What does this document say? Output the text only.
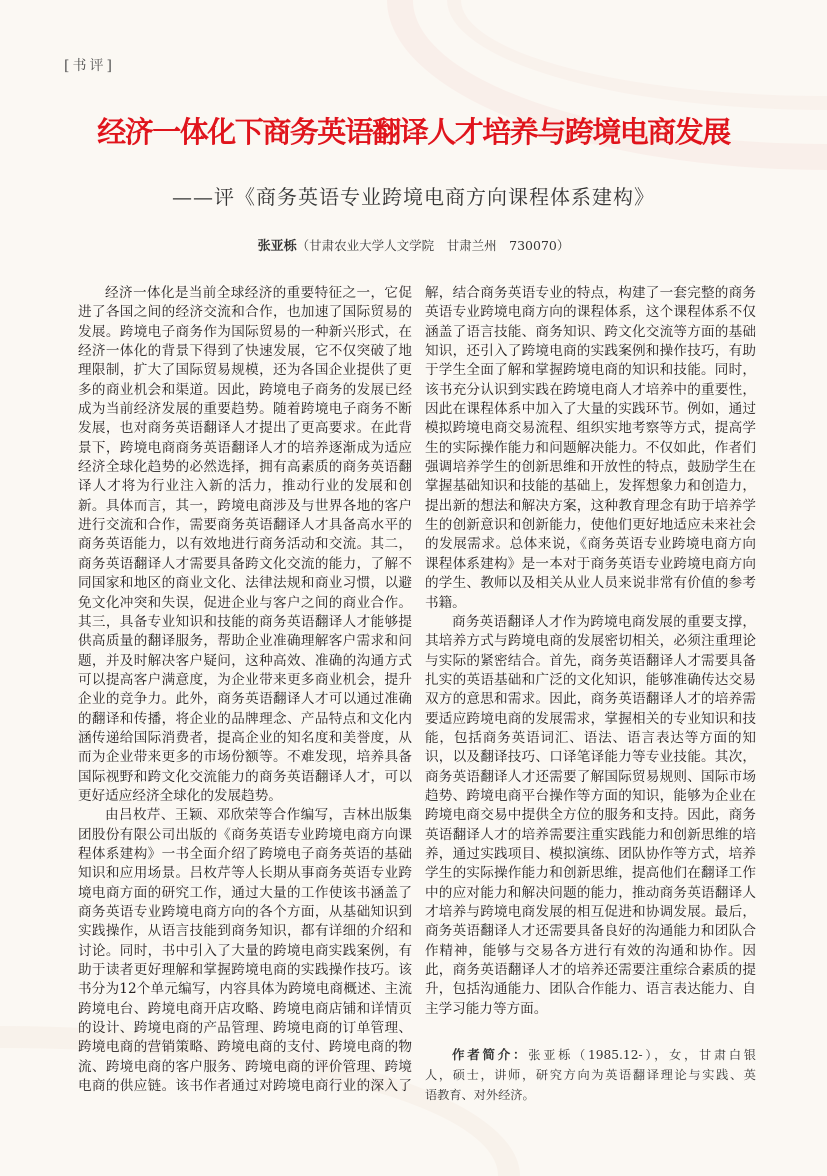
[书评]
经济一体化下商务英语翻译人才培养与跨境电商发展
——评《商务英语专业跨境电商方向课程体系建构》
张亚栎（甘肃农业大学人文学院　甘肃兰州　730070）
经济一体化是当前全球经济的重要特征之一，它促
进了各国之间的经济交流和合作，也加速了国际贸易的
发展。跨境电子商务作为国际贸易的一种新兴形式，在
经济一体化的背景下得到了快速发展，它不仅突破了地
理限制，扩大了国际贸易规模，还为各国企业提供了更
多的商业机会和渠道。因此，跨境电子商务的发展已经
成为当前经济发展的重要趋势。随着跨境电子商务不断
发展，也对商务英语翻译人才提出了更高要求。在此背
景下，跨境电商商务英语翻译人才的培养逐渐成为适应
经济全球化趋势的必然选择，拥有高素质的商务英语翻
译人才将为行业注入新的活力，推动行业的发展和创
新。具体而言，其一，跨境电商涉及与世界各地的客户
进行交流和合作，需要商务英语翻译人才具备高水平的
商务英语能力，以有效地进行商务活动和交流。其二，
商务英语翻译人才需要具备跨文化交流的能力，了解不
同国家和地区的商业文化、法律法规和商业习惯，以避
免文化冲突和失误，促进企业与客户之间的商业合作。
其三，具备专业知识和技能的商务英语翻译人才能够提
供高质量的翻译服务，帮助企业准确理解客户需求和问
题，并及时解决客户疑问，这种高效、准确的沟通方式
可以提高客户满意度，为企业带来更多商业机会，提升
企业的竞争力。此外，商务英语翻译人才可以通过准确
的翻译和传播，将企业的品牌理念、产品特点和文化内
涵传递给国际消费者，提高企业的知名度和美誉度，从
而为企业带来更多的市场份额等。不难发现，培养具备
国际视野和跨文化交流能力的商务英语翻译人才，可以
更好适应经济全球化的发展趋势。
由吕枚芹、王颖、邓欣荣等合作编写，吉林出版集
团股份有限公司出版的《商务英语专业跨境电商方向课
程体系建构》一书全面介绍了跨境电子商务英语的基础
知识和应用场景。吕枚芹等人长期从事商务英语专业跨
境电商方面的研究工作，通过大量的工作使该书涵盖了
商务英语专业跨境电商方向的各个方面，从基础知识到
实践操作，从语言技能到商务知识，都有详细的介绍和
讨论。同时，书中引入了大量的跨境电商实践案例，有
助于读者更好理解和掌握跨境电商的实践操作技巧。该
书分为12个单元编写，内容具体为跨境电商概述、主流
跨境电台、跨境电商开店攻略、跨境电商店铺和详情页
的设计、跨境电商的产品管理、跨境电商的订单管理、
跨境电商的营销策略、跨境电商的支付、跨境电商的物
流、跨境电商的客户服务、跨境电商的评价管理、跨境
电商的供应链。该书作者通过对跨境电商行业的深入了
解，结合商务英语专业的特点，构建了一套完整的商务
英语专业跨境电商方向的课程体系，这个课程体系不仅
涵盖了语言技能、商务知识、跨文化交流等方面的基础
知识，还引入了跨境电商的实践案例和操作技巧，有助
于学生全面了解和掌握跨境电商的知识和技能。同时，
该书充分认识到实践在跨境电商人才培养中的重要性，
因此在课程体系中加入了大量的实践环节。例如，通过
模拟跨境电商交易流程、组织实地考察等方式，提高学
生的实际操作能力和问题解决能力。不仅如此，作者们
强调培养学生的创新思维和开放性的特点，鼓励学生在
掌握基础知识和技能的基础上，发挥想象力和创造力，
提出新的想法和解决方案，这种教育理念有助于培养学
生的创新意识和创新能力，使他们更好地适应未来社会
的发展需求。总体来说，《商务英语专业跨境电商方向
课程体系建构》是一本对于商务英语专业跨境电商方向
的学生、教师以及相关从业人员来说非常有价值的参考
书籍。
商务英语翻译人才作为跨境电商发展的重要支撑，
其培养方式与跨境电商的发展密切相关，必须注重理论
与实际的紧密结合。首先，商务英语翻译人才需要具备
扎实的英语基础和广泛的文化知识，能够准确传达交易
双方的意思和需求。因此，商务英语翻译人才的培养需
要适应跨境电商的发展需求，掌握相关的专业知识和技
能，包括商务英语词汇、语法、语言表达等方面的知
识，以及翻译技巧、口译笔译能力等专业技能。其次，
商务英语翻译人才还需要了解国际贸易规则、国际市场
趋势、跨境电商平台操作等方面的知识，能够为企业在
跨境电商交易中提供全方位的服务和支持。因此，商务
英语翻译人才的培养需要注重实践能力和创新思维的培
养，通过实践项目、模拟演练、团队协作等方式，培养
学生的实际操作能力和创新思维，提高他们在翻译工作
中的应对能力和解决问题的能力，推动商务英语翻译人
才培养与跨境电商发展的相互促进和协调发展。最后，
商务英语翻译人才还需要具备良好的沟通能力和团队合
作精神，能够与交易各方进行有效的沟通和协作。因
此，商务英语翻译人才的培养还需要注重综合素质的提
升，包括沟通能力、团队合作能力、语言表达能力、自
主学习能力等方面。
作者简介：张亚栎（1985.12-），女，甘肃白银
人，硕士，讲师，研究方向为英语翻译理论与实践、英
语教育、对外经济。
